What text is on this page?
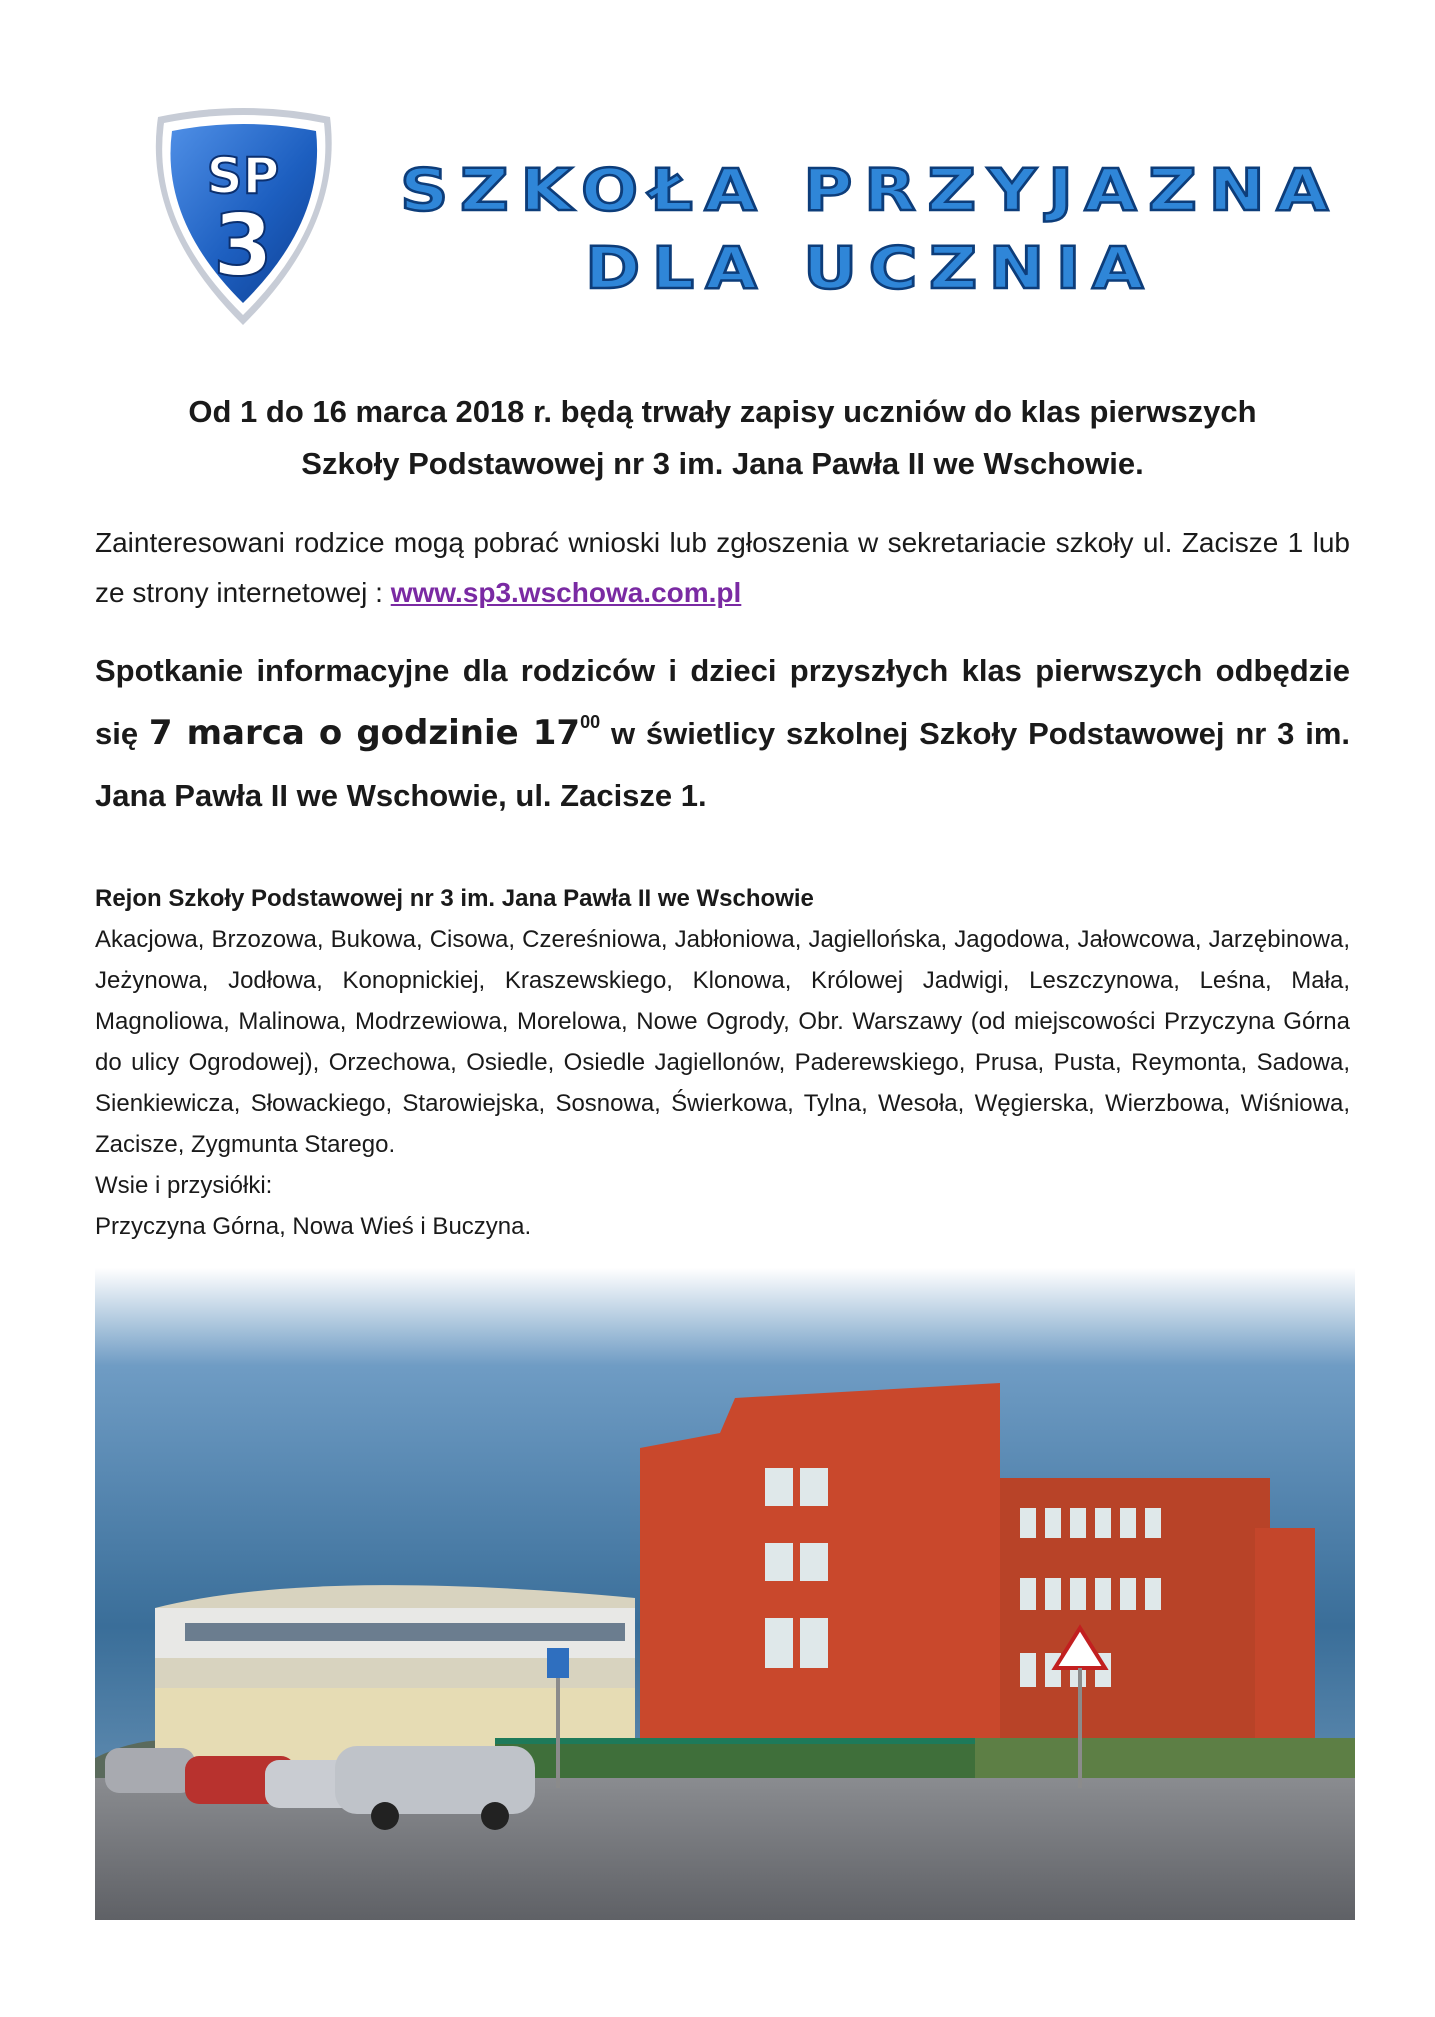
SP
3
SZKOŁA PRZYJAZNA
DLA UCZNIA
Od 1 do 16 marca 2018 r. będą trwały zapisy uczniów do klas pierwszych
Szkoły Podstawowej nr 3 im. Jana Pawła II we Wschowie.
Zainteresowani rodzice mogą pobrać wnioski lub zgłoszenia w sekretariacie szkoły ul. Zacisze 1 lub ze strony internetowej : www.sp3.wschowa.com.pl
Spotkanie informacyjne dla rodziców i dzieci przyszłych klas pierwszych odbędzie się 7 marca o godzinie $17^{00}$ w świetlicy szkolnej Szkoły Podstawowej nr 3 im. Jana Pawła II we Wschowie, ul. Zacisze 1.
Rejon Szkoły Podstawowej nr 3 im. Jana Pawła II we Wschowie
Akacjowa, Brzozowa, Bukowa, Cisowa, Czereśniowa, Jabłoniowa, Jagiellońska, Jagodowa, Jałowcowa, Jarzębinowa, Jeżynowa, Jodłowa, Konopnickiej, Kraszewskiego, Klonowa, Królowej Jadwigi, Leszczynowa, Leśna, Mała, Magnoliowa, Malinowa, Modrzewiowa, Morelowa, Nowe Ogrody, Obr. Warszawy (od miejscowości Przyczyna Górna do ulicy Ogrodowej), Orzechowa, Osiedle, Osiedle Jagiellonów, Paderewskiego, Prusa, Pusta, Reymonta, Sadowa, Sienkiewicza, Słowackiego, Starowiejska, Sosnowa, Świerkowa, Tylna, Wesoła, Węgierska, Wierzbowa, Wiśniowa, Zacisze, Zygmunta Starego.
Wsie i przysiółki:
Przyczyna Górna, Nowa Wieś i Buczyna.
